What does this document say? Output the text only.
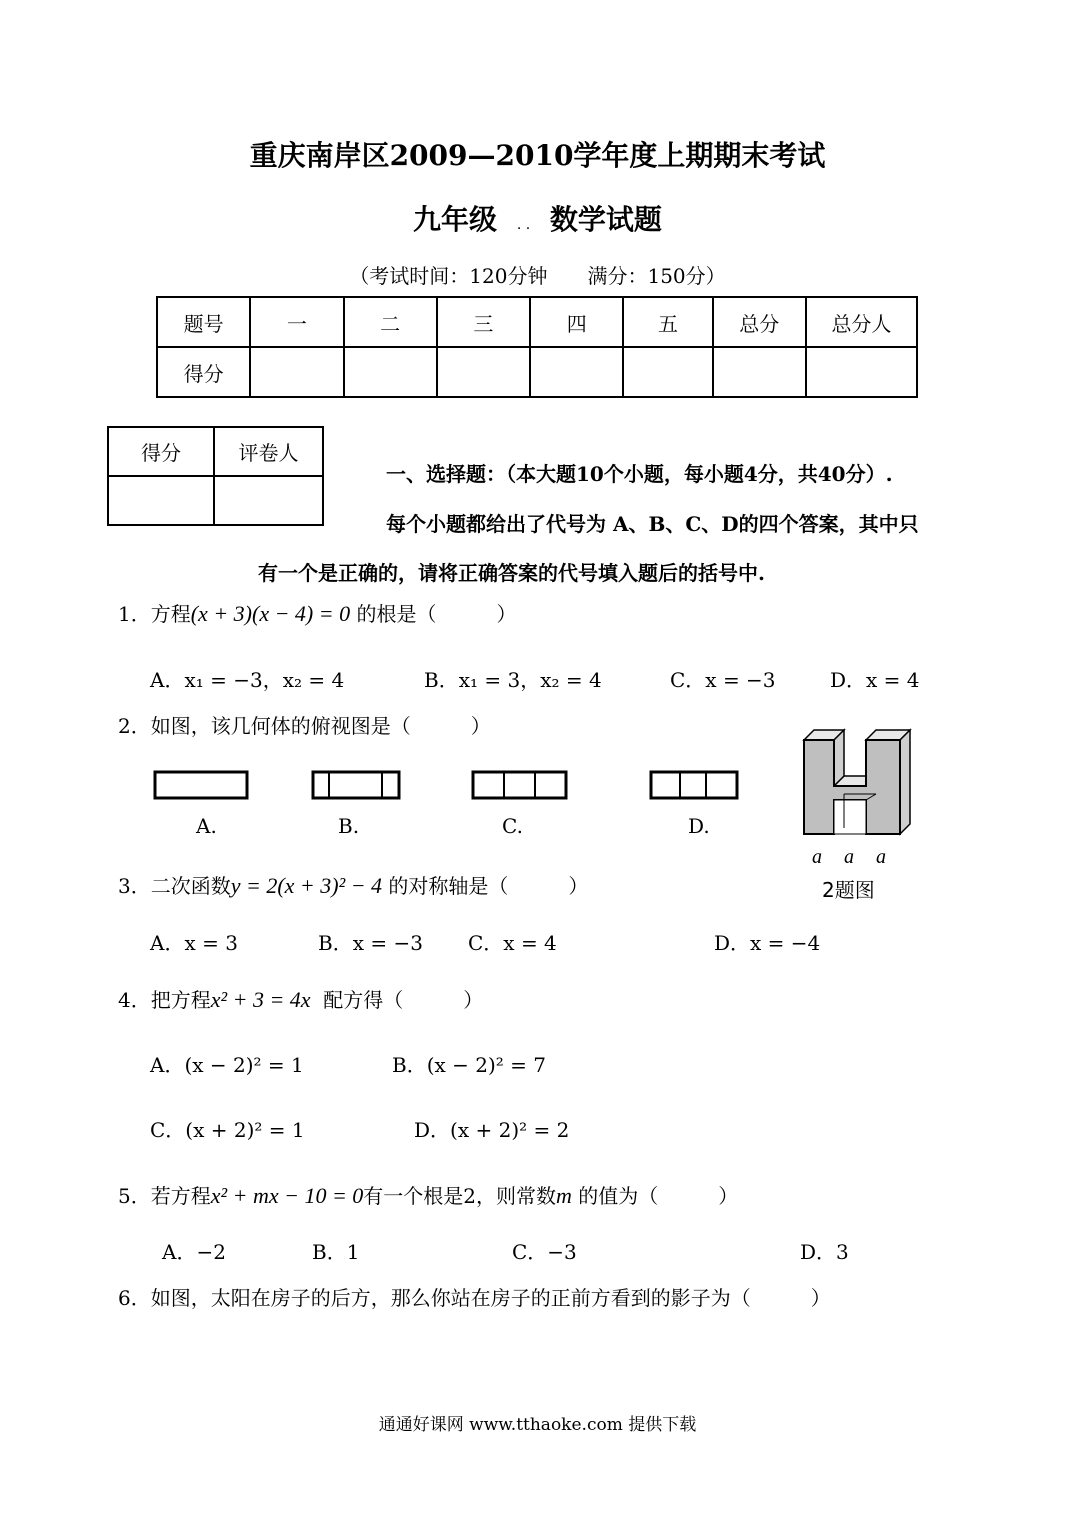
重庆南岸区2009—2010学年度上期期末考试
九年级 . . 数学试题
（考试时间：120分钟　　满分：150分）
题号	一	二	三	四	五	总分	总分人
得分							
得分	评卷人

一、选择题：（本大题10个小题，每小题4分，共40分）.
每个小题都给出了代号为 A、B、C、D的四个答案，其中只
有一个是正确的，请将正确答案的代号填入题后的括号中.
1．方程(x + 3)(x − 4) = 0 的根是（　　　）
A．x₁ = −3，x₂ = 4	B．x₁ = 3，x₂ = 4	C．x = −3	D．x = 4
2．如图，该几何体的俯视图是（　　　）
A.	B.	C.	D.
a a a
2题图
3．二次函数y = 2(x + 3)² − 4 的对称轴是（　　　）
A．x = 3	B．x = −3 C．x = 4	D．x = −4
4．把方程x² + 3 = 4x 配方得（　　　）
A．(x − 2)² = 1	B．(x − 2)² = 7
C．(x + 2)² = 1	D．(x + 2)² = 2
5．若方程x² + mx − 10 = 0有一个根是2，则常数m 的值为（　　　）
A．−2	B．1	C．−3	D．3
6．如图，太阳在房子的后方，那么你站在房子的正前方看到的影子为（　　　）
通通好课网 www.tthaoke.com 提供下载
